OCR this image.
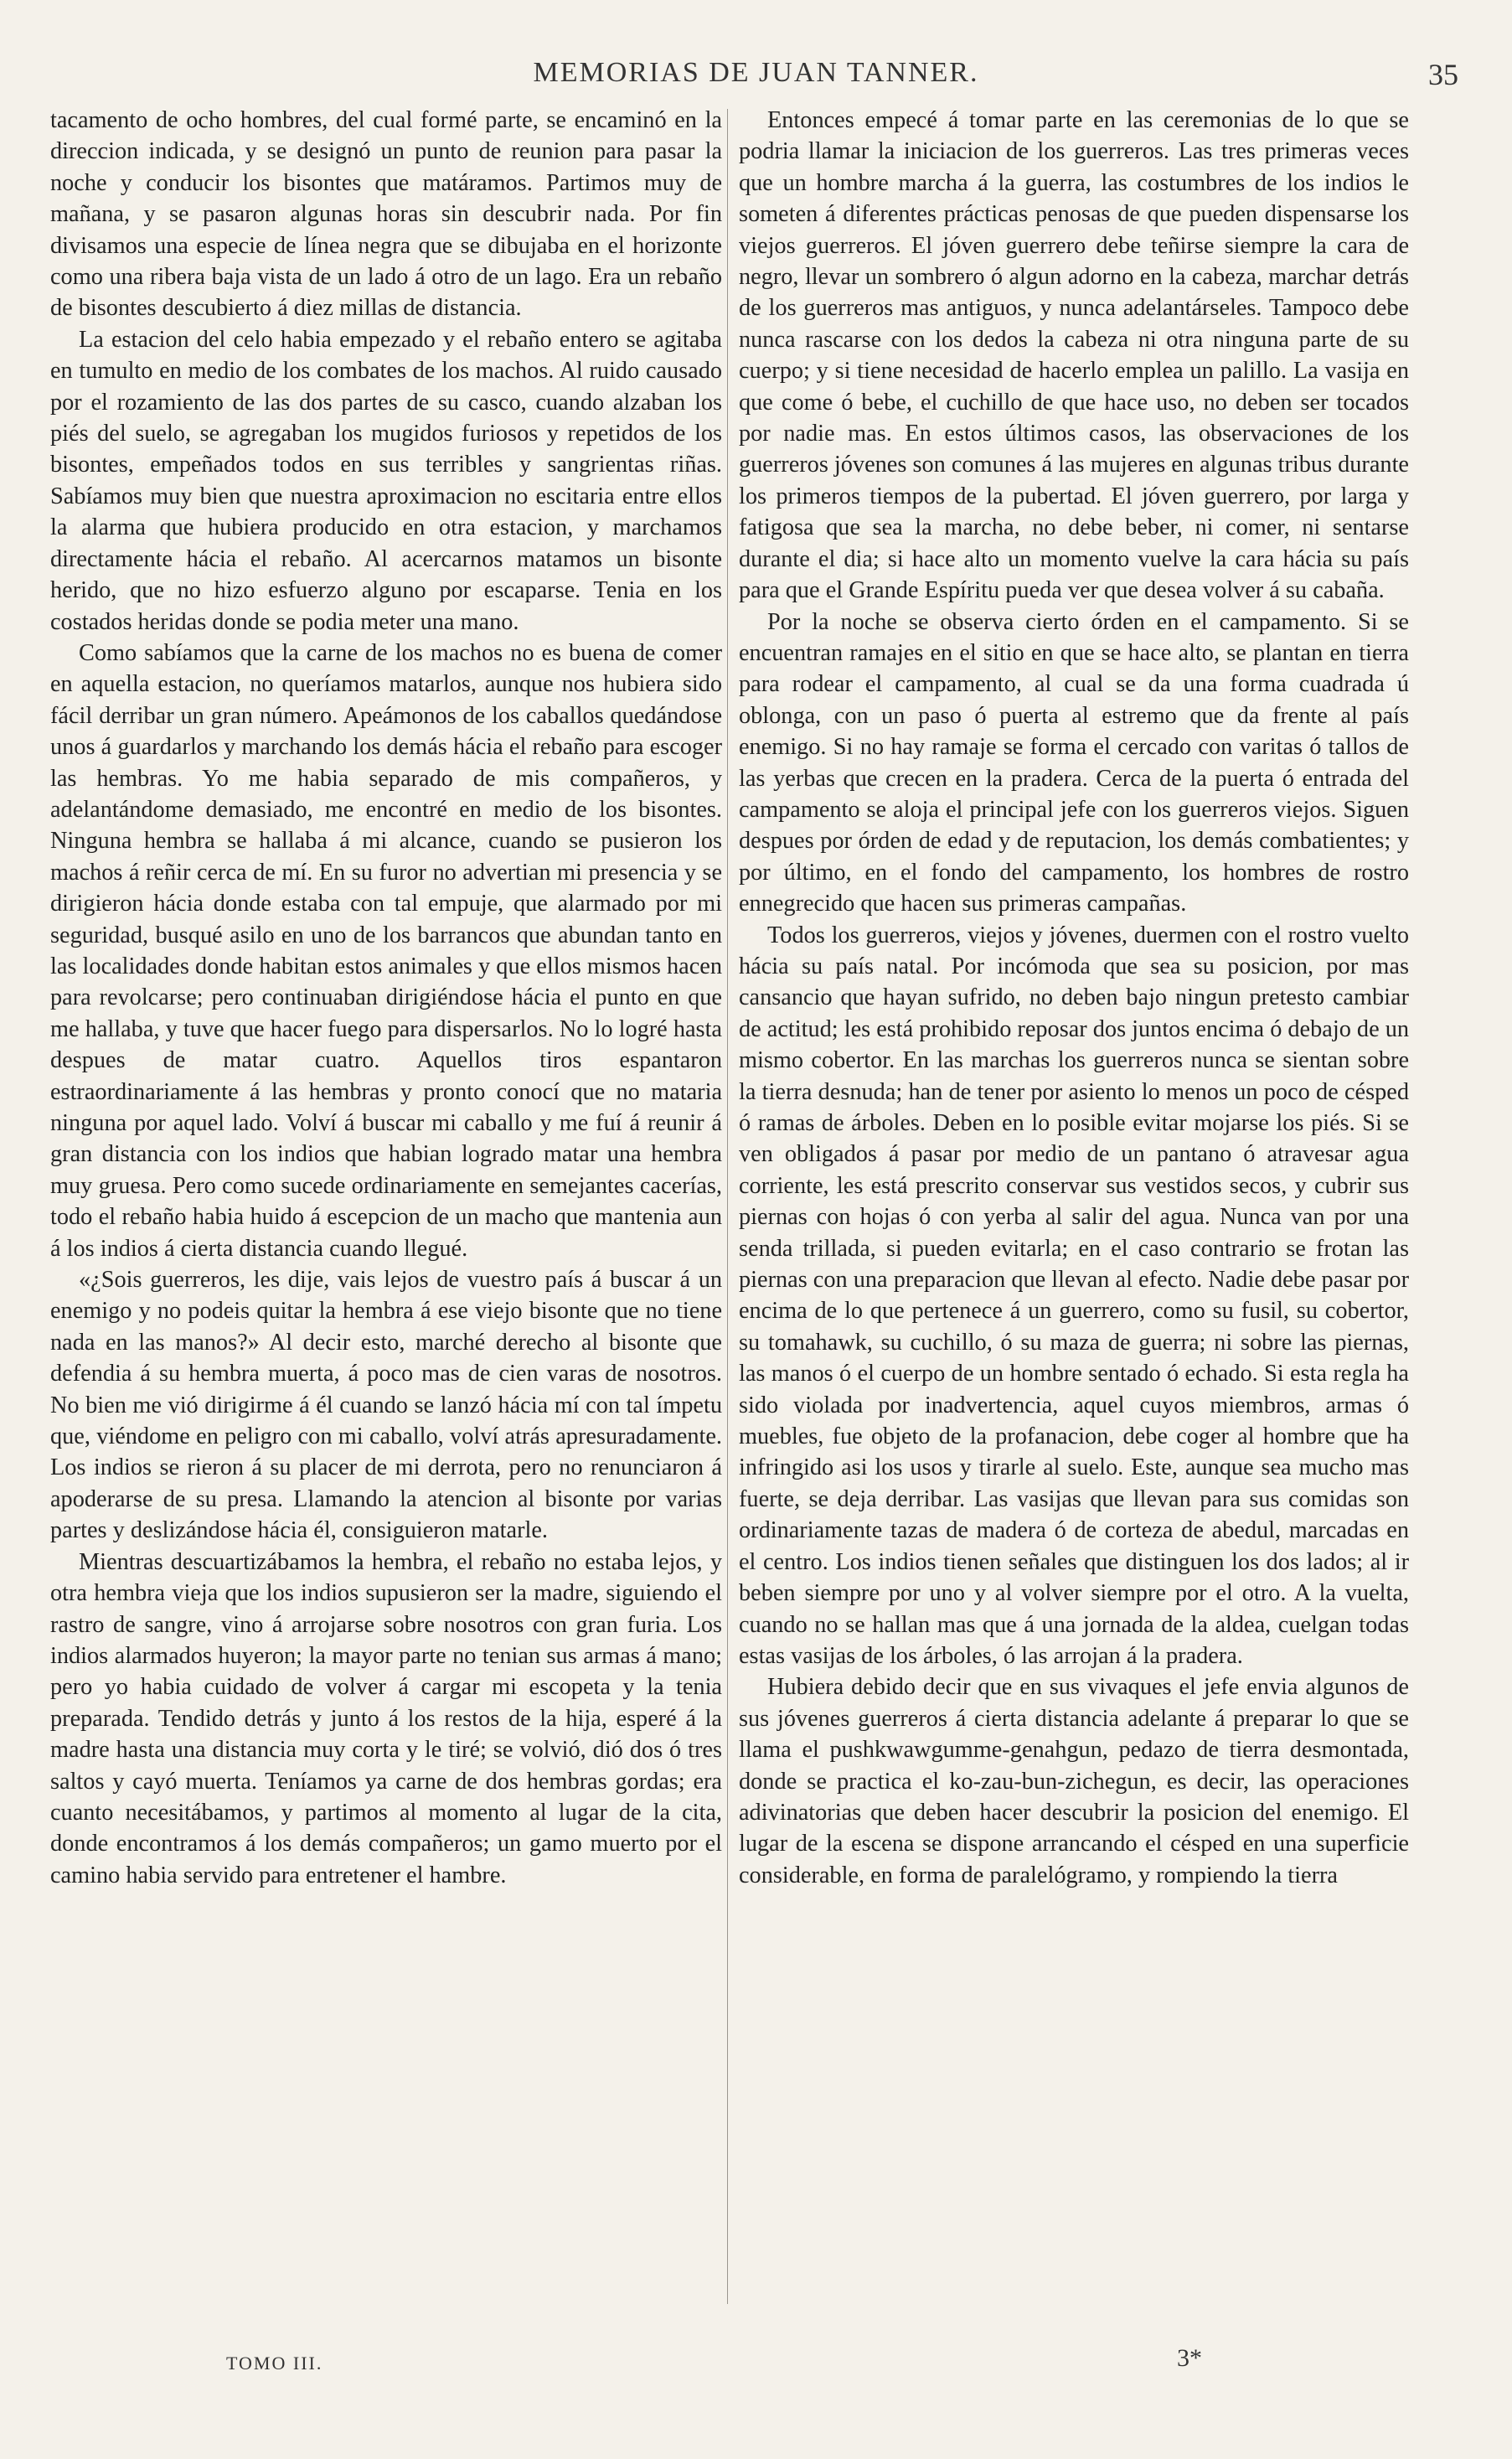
MEMORIAS DE JUAN TANNER.	35

tacamento de ocho hombres, del cual formé parte, se encaminó en la direccion indicada, y se designó un punto de reunion para pasar la noche y conducir los bisontes que matáramos. Partimos muy de mañana, y se pasaron algunas horas sin descubrir nada. Por fin divisamos una especie de línea negra que se dibujaba en el horizonte como una ribera baja vista de un lado á otro de un lago. Era un rebaño de bisontes descubierto á diez millas de distancia.

La estacion del celo habia empezado y el rebaño entero se agitaba en tumulto en medio de los combates de los machos. Al ruido causado por el rozamiento de las dos partes de su casco, cuando alzaban los piés del suelo, se agregaban los mugidos furiosos y repetidos de los bisontes, empeñados todos en sus terribles y sangrientas riñas. Sabíamos muy bien que nuestra aproximacion no escitaria entre ellos la alarma que hubiera producido en otra estacion, y marchamos directamente hácia el rebaño. Al acercarnos matamos un bisonte herido, que no hizo esfuerzo alguno por escaparse. Tenia en los costados heridas donde se podia meter una mano.

Como sabíamos que la carne de los machos no es buena de comer en aquella estacion, no queríamos matarlos, aunque nos hubiera sido fácil derribar un gran número. Apeámonos de los caballos quedándose unos á guardarlos y marchando los demás hácia el rebaño para escoger las hembras. Yo me habia separado de mis compañeros, y adelantándome demasiado, me encontré en medio de los bisontes. Ninguna hembra se hallaba á mi alcance, cuando se pusieron los machos á reñir cerca de mí. En su furor no advertian mi presencia y se dirigieron hácia donde estaba con tal empuje, que alarmado por mi seguridad, busqué asilo en uno de los barrancos que abundan tanto en las localidades donde habitan estos animales y que ellos mismos hacen para revolcarse; pero continuaban dirigiéndose hácia el punto en que me hallaba, y tuve que hacer fuego para dispersarlos. No lo logré hasta despues de matar cuatro. Aquellos tiros espantaron estraordinariamente á las hembras y pronto conocí que no mataria ninguna por aquel lado. Volví á buscar mi caballo y me fuí á reunir á gran distancia con los indios que habian logrado matar una hembra muy gruesa. Pero como sucede ordinariamente en semejantes cacerías, todo el rebaño habia huido á escepcion de un macho que mantenia aun á los indios á cierta distancia cuando llegué.

«¿Sois guerreros, les dije, vais lejos de vuestro país á buscar á un enemigo y no podeis quitar la hembra á ese viejo bisonte que no tiene nada en las manos?» Al decir esto, marché derecho al bisonte que defendia á su hembra muerta, á poco mas de cien varas de nosotros. No bien me vió dirigirme á él cuando se lanzó hácia mí con tal ímpetu que, viéndome en peligro con mi caballo, volví atrás apresuradamente. Los indios se rieron á su placer de mi derrota, pero no renunciaron á apoderarse de su presa. Llamando la atencion al bisonte por varias partes y deslizándose hácia él, consiguieron matarle.

Mientras descuartizábamos la hembra, el rebaño no estaba lejos, y otra hembra vieja que los indios supusieron ser la madre, siguiendo el rastro de sangre, vino á arrojarse sobre nosotros con gran furia. Los indios alarmados huyeron; la mayor parte no tenian sus armas á mano; pero yo habia cuidado de volver á cargar mi escopeta y la tenia preparada. Tendido detrás y junto á los restos de la hija, esperé á la madre hasta una distancia muy corta y le tiré; se volvió, dió dos ó tres saltos y cayó muerta. Teníamos ya carne de dos hembras gordas; era cuanto necesitábamos, y partimos al momento al lugar de la cita, donde encontramos á los demás compañeros; un gamo muerto por el camino habia servido para entretener el hambre.

Entonces empecé á tomar parte en las ceremonias de lo que se podria llamar la iniciacion de los guerreros. Las tres primeras veces que un hombre marcha á la guerra, las costumbres de los indios le someten á diferentes prácticas penosas de que pueden dispensarse los viejos guerreros. El jóven guerrero debe teñirse siempre la cara de negro, llevar un sombrero ó algun adorno en la cabeza, marchar detrás de los guerreros mas antiguos, y nunca adelantárseles. Tampoco debe nunca rascarse con los dedos la cabeza ni otra ninguna parte de su cuerpo; y si tiene necesidad de hacerlo emplea un palillo. La vasija en que come ó bebe, el cuchillo de que hace uso, no deben ser tocados por nadie mas. En estos últimos casos, las observaciones de los guerreros jóvenes son comunes á las mujeres en algunas tribus durante los primeros tiempos de la pubertad. El jóven guerrero, por larga y fatigosa que sea la marcha, no debe beber, ni comer, ni sentarse durante el dia; si hace alto un momento vuelve la cara hácia su país para que el Grande Espíritu pueda ver que desea volver á su cabaña.

Por la noche se observa cierto órden en el campamento. Si se encuentran ramajes en el sitio en que se hace alto, se plantan en tierra para rodear el campamento, al cual se da una forma cuadrada ú oblonga, con un paso ó puerta al estremo que da frente al país enemigo. Si no hay ramaje se forma el cercado con varitas ó tallos de las yerbas que crecen en la pradera. Cerca de la puerta ó entrada del campamento se aloja el principal jefe con los guerreros viejos. Siguen despues por órden de edad y de reputacion, los demás combatientes; y por último, en el fondo del campamento, los hombres de rostro ennegrecido que hacen sus primeras campañas.

Todos los guerreros, viejos y jóvenes, duermen con el rostro vuelto hácia su país natal. Por incómoda que sea su posicion, por mas cansancio que hayan sufrido, no deben bajo ningun pretesto cambiar de actitud; les está prohibido reposar dos juntos encima ó debajo de un mismo cobertor. En las marchas los guerreros nunca se sientan sobre la tierra desnuda; han de tener por asiento lo menos un poco de césped ó ramas de árboles. Deben en lo posible evitar mojarse los piés. Si se ven obligados á pasar por medio de un pantano ó atravesar agua corriente, les está prescrito conservar sus vestidos secos, y cubrir sus piernas con hojas ó con yerba al salir del agua. Nunca van por una senda trillada, si pueden evitarla; en el caso contrario se frotan las piernas con una preparacion que llevan al efecto. Nadie debe pasar por encima de lo que pertenece á un guerrero, como su fusil, su cobertor, su tomahawk, su cuchillo, ó su maza de guerra; ni sobre las piernas, las manos ó el cuerpo de un hombre sentado ó echado. Si esta regla ha sido violada por inadvertencia, aquel cuyos miembros, armas ó muebles, fue objeto de la profanacion, debe coger al hombre que ha infringido asi los usos y tirarle al suelo. Este, aunque sea mucho mas fuerte, se deja derribar. Las vasijas que llevan para sus comidas son ordinariamente tazas de madera ó de corteza de abedul, marcadas en el centro. Los indios tienen señales que distinguen los dos lados; al ir beben siempre por uno y al volver siempre por el otro. A la vuelta, cuando no se hallan mas que á una jornada de la aldea, cuelgan todas estas vasijas de los árboles, ó las arrojan á la pradera.

Hubiera debido decir que en sus vivaques el jefe envia algunos de sus jóvenes guerreros á cierta distancia adelante á preparar lo que se llama el pushkwawgumme-genahgun, pedazo de tierra desmontada, donde se practica el ko-zau-bun-zichegun, es decir, las operaciones adivinatorias que deben hacer descubrir la posicion del enemigo. El lugar de la escena se dispone arrancando el césped en una superficie considerable, en forma de paralelógramo, y rompiendo la tierra

TOMO III.	3*
